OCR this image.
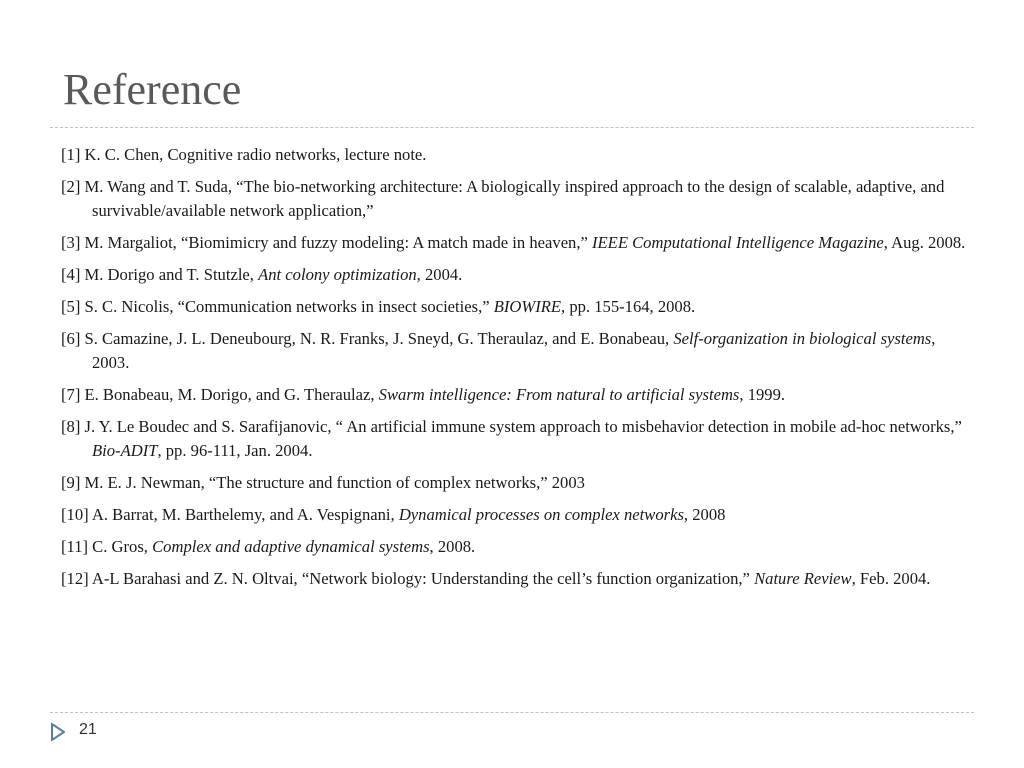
Reference
[1] K. C. Chen, Cognitive radio networks, lecture note.
[2] M. Wang and T. Suda, “The bio-networking architecture: A biologically inspired approach to the design of scalable, adaptive, and survivable/available network application,”
[3] M. Margaliot, “Biomimicry and fuzzy modeling: A match made in heaven,” IEEE Computational Intelligence Magazine, Aug. 2008.
[4] M. Dorigo and T. Stutzle, Ant colony optimization, 2004.
[5] S. C. Nicolis, “Communication networks in insect societies,” BIOWIRE, pp. 155-164, 2008.
[6] S. Camazine, J. L. Deneubourg, N. R. Franks, J. Sneyd, G. Theraulaz, and E. Bonabeau, Self-organization in biological systems, 2003.
[7] E. Bonabeau, M. Dorigo, and G. Theraulaz, Swarm intelligence: From natural to artificial systems, 1999.
[8] J. Y. Le Boudec and S. Sarafijanovic, “ An artificial immune system approach to misbehavior detection in mobile ad-hoc networks,” Bio-ADIT, pp. 96-111, Jan. 2004.
[9] M. E. J. Newman, “The structure and function of complex networks,” 2003
[10] A. Barrat, M. Barthelemy, and A. Vespignani, Dynamical processes on complex networks, 2008
[11] C. Gros, Complex and adaptive dynamical systems, 2008.
[12] A-L Barahasi and Z. N. Oltvai, “Network biology: Understanding the cell’s function organization,” Nature Review, Feb. 2004.
21
